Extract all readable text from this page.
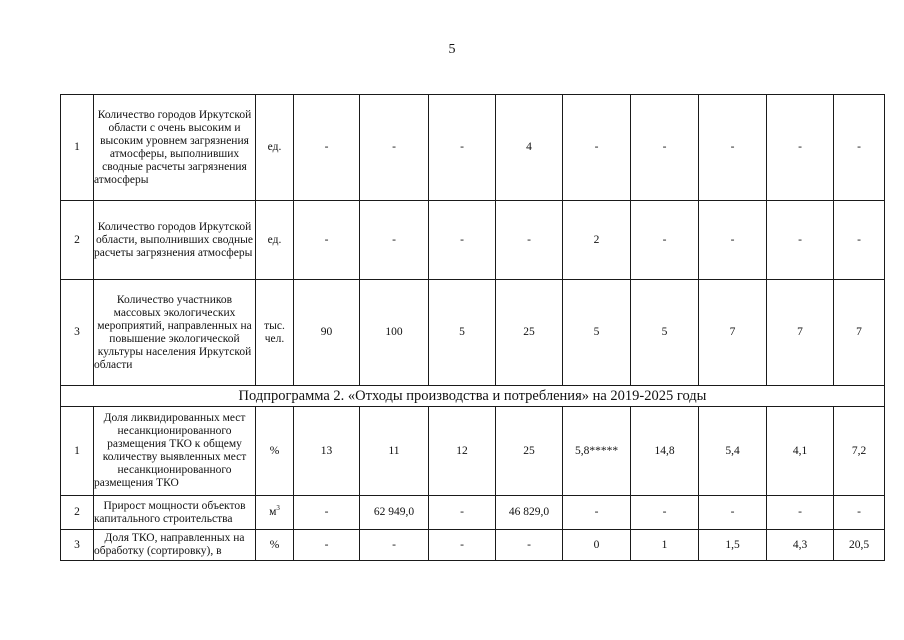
5
1	Количество городов Иркутской области с очень высоким и высоким уровнем загрязнения атмосферы, выполнивших сводные расчеты загрязнения атмосферы	ед.	-	-	-	4	-	-	-	-	-
2	Количество городов Иркутской области, выполнивших сводные расчеты загрязнения атмосферы	ед.	-	-	-	-	2	-	-	-	-
3	Количество участников массовых экологических мероприятий, направленных на повышение экологической культуры населения Иркутской области	тыс. чел.	90	100	5	25	5	5	7	7	7
Подпрограмма 2. «Отходы производства и потребления» на 2019-2025 годы											
1	Доля ликвидированных мест несанкционированного размещения ТКО к общему количеству выявленных мест несанкционированного размещения ТКО	%	13	11	12	25	5,8*****	14,8	5,4	4,1	7,2
2	Прирост мощности объектов капитального строительства	$м^3$	-	62 949,0	-	46 829,0	-	-	-	-	-
3	Доля ТКО, направленных на обработку (сортировку), в	%	-	-	-	-	0	1	1,5	4,3	20,5
